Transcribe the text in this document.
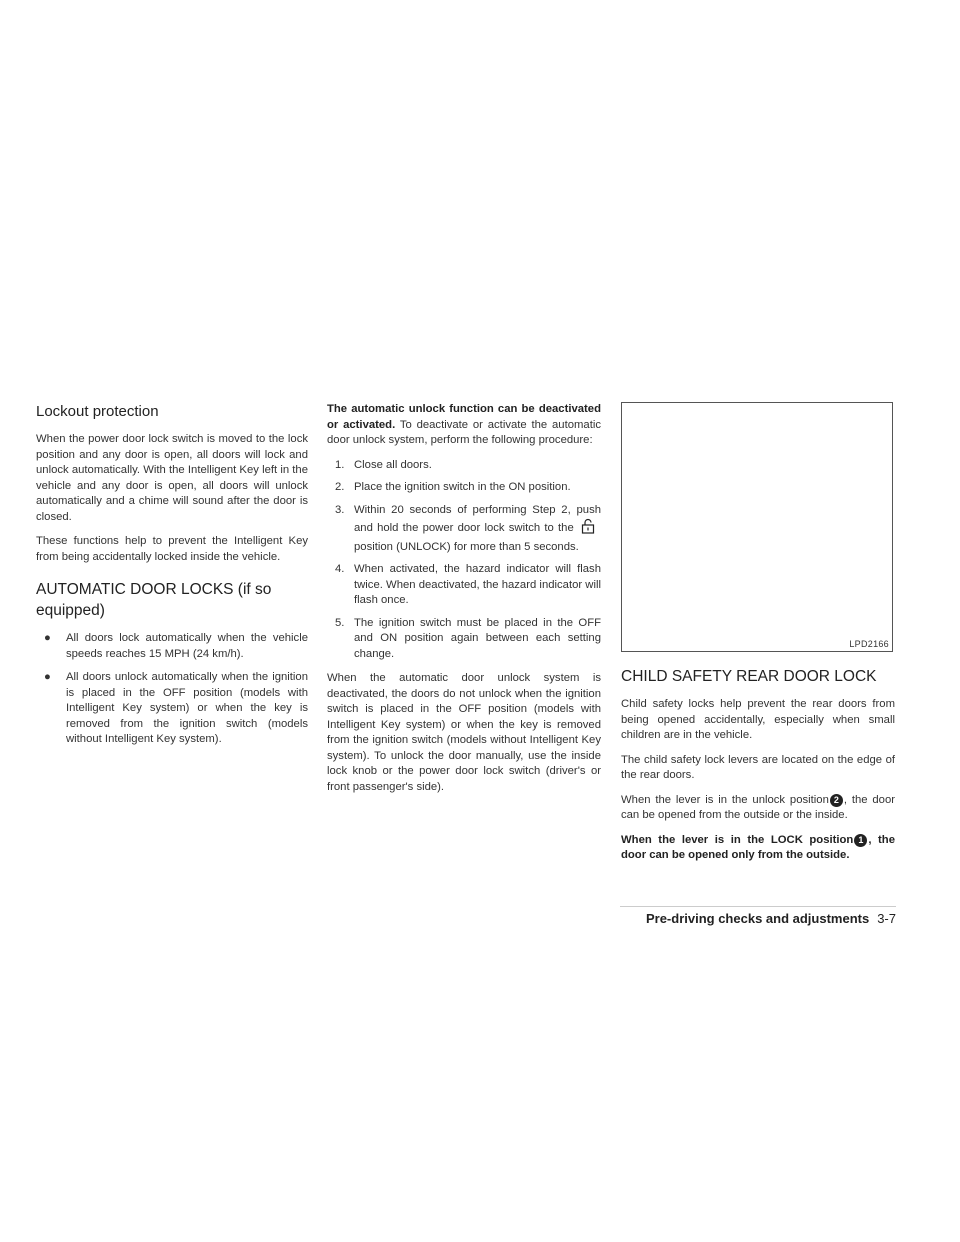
Lockout protection

When the power door lock switch is moved to the lock position and any door is open, all doors will lock and unlock automatically. With the Intelligent Key left in the vehicle and any door is open, all doors will unlock automatically and a chime will sound after the door is closed.

These functions help to prevent the Intelligent Key from being accidentally locked inside the vehicle.

AUTOMATIC DOOR LOCKS (if so equipped)
● All doors lock automatically when the vehicle speeds reaches 15 MPH (24 km/h).
● All doors unlock automatically when the ignition is placed in the OFF position (models with Intelligent Key system) or when the key is removed from the ignition switch (models without Intelligent Key system).

The automatic unlock function can be deactivated or activated. To deactivate or activate the automatic door unlock system, perform the following procedure:

1. Close all doors.
2. Place the ignition switch in the ON position.
3. Within 20 seconds of performing Step 2, push and hold the power door lock switch to the  position (UNLOCK) for more than 5 seconds.
4. When activated, the hazard indicator will flash twice. When deactivated, the hazard indicator will flash once.
5. The ignition switch must be placed in the OFF and ON position again between each setting change.

When the automatic door unlock system is deactivated, the doors do not unlock when the ignition switch is placed in the OFF position (models with Intelligent Key system) or when the key is removed from the ignition switch (models without Intelligent Key system). To unlock the door manually, use the inside lock knob or the power door lock switch (driver's or front passenger's side).

LPD2166
CHILD SAFETY REAR DOOR LOCK

Child safety locks help prevent the rear doors from being opened accidentally, especially when small children are in the vehicle.

The child safety lock levers are located on the edge of the rear doors.

When the lever is in the unlock position 2 , the door can be opened from the outside or the inside.

When the lever is in the LOCK position 1 , the door can be opened only from the outside.

Pre-driving checks and adjustments 3-7
